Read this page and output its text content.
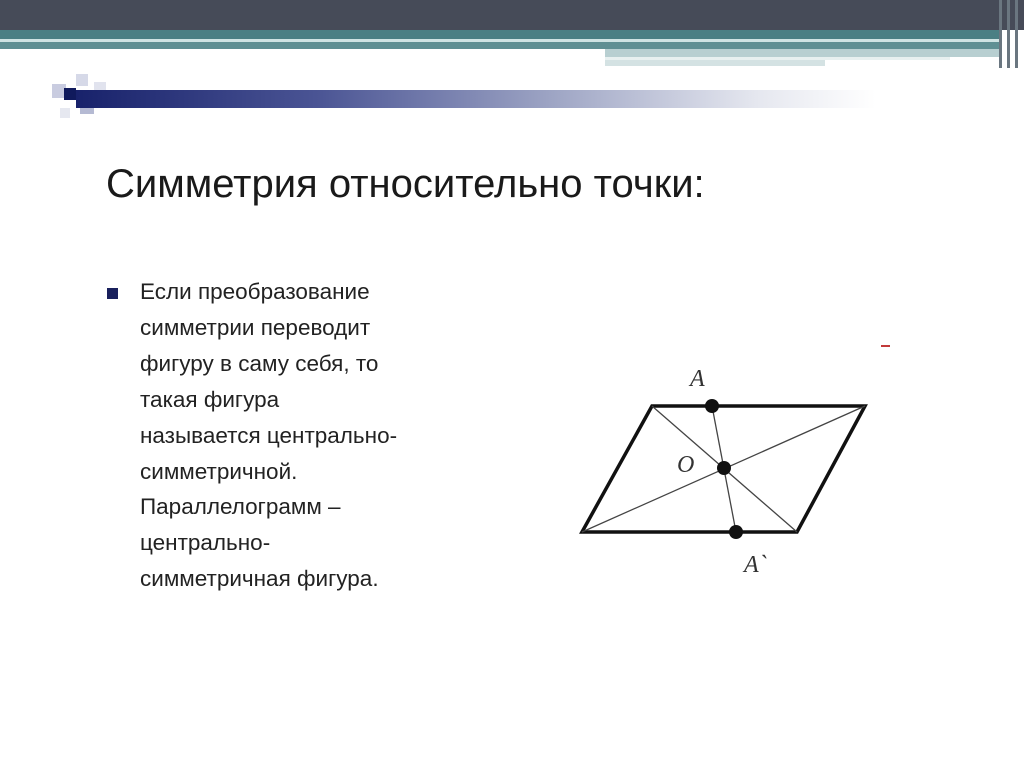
Симметрия относительно точки:

Если преобразование
симметрии переводит
фигуру в саму себя, то
такая фигура
называется центрально-
симметричной.
Параллелограмм –
центрально-
симметричная фигура.

A
O
A`
